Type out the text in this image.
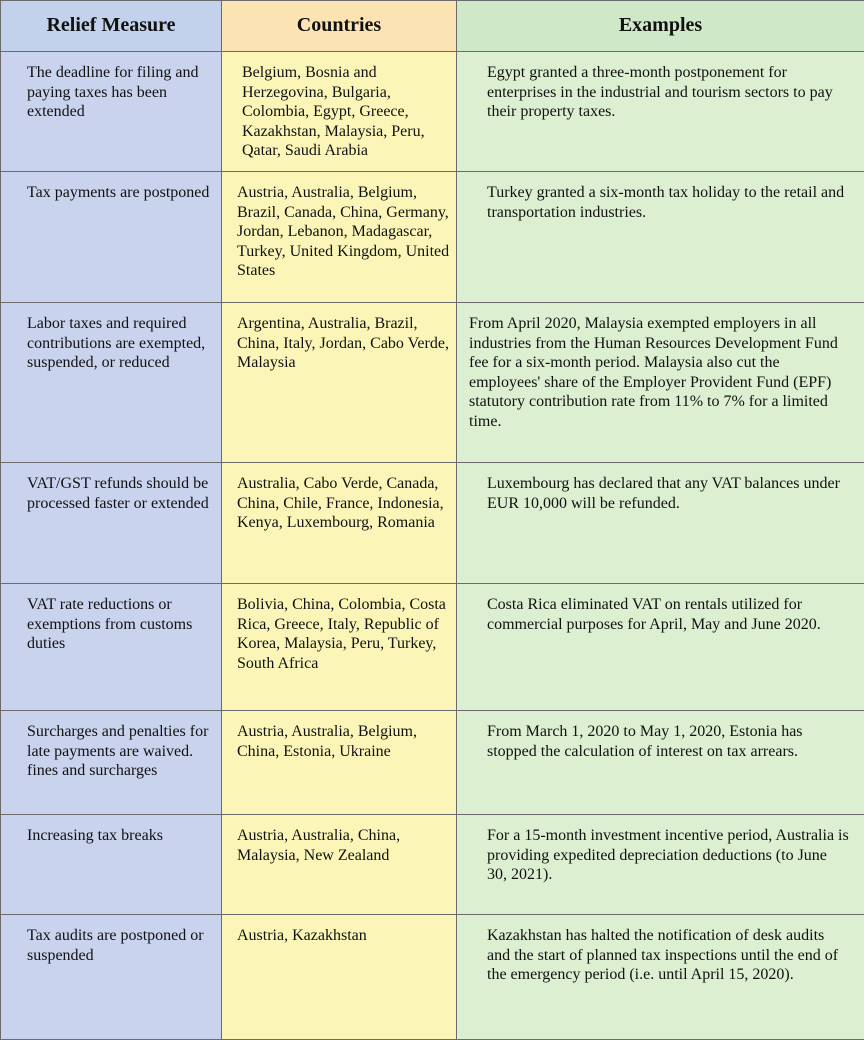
Relief Measure	Countries	Examples
The deadline for filing and paying taxes has been extended	Belgium, Bosnia and Herzegovina, Bulgaria, Colombia, Egypt, Greece, Kazakhstan, Malaysia, Peru, Qatar, Saudi Arabia	Egypt granted a three-month postponement for enterprises in the industrial and tourism sectors to pay their property taxes.
Tax payments are postponed	Austria, Australia, Belgium, Brazil, Canada, China, Germany, Jordan, Lebanon, Madagascar, Turkey, United Kingdom, United States	Turkey granted a six-month tax holiday to the retail and transportation industries.
Labor taxes and required contributions are exempted, suspended, or reduced	Argentina, Australia, Brazil, China, Italy, Jordan, Cabo Verde, Malaysia	From April 2020, Malaysia exempted employers in all industries from the Human Resources Development Fund fee for a six-month period. Malaysia also cut the employees' share of the Employer Provident Fund (EPF) statutory contribution rate from 11% to 7% for a limited time.
VAT/GST refunds should be processed faster or extended	Australia, Cabo Verde, Canada, China, Chile, France, Indonesia, Kenya, Luxembourg, Romania	Luxembourg has declared that any VAT balances under EUR 10,000 will be refunded.
VAT rate reductions or exemptions from customs duties	Bolivia, China, Colombia, Costa Rica, Greece, Italy, Republic of Korea, Malaysia, Peru, Turkey, South Africa	Costa Rica eliminated VAT on rentals utilized for commercial purposes for April, May and June 2020.
Surcharges and penalties for late payments are waived. fines and surcharges	Austria, Australia, Belgium, China, Estonia, Ukraine	From March 1, 2020 to May 1, 2020, Estonia has stopped the calculation of interest on tax arrears.
Increasing tax breaks	Austria, Australia, China, Malaysia, New Zealand	For a 15-month investment incentive period, Australia is providing expedited depreciation deductions (to June 30, 2021).
Tax audits are postponed or suspended	Austria, Kazakhstan	Kazakhstan has halted the notification of desk audits and the start of planned tax inspections until the end of the emergency period (i.e. until April 15, 2020).
